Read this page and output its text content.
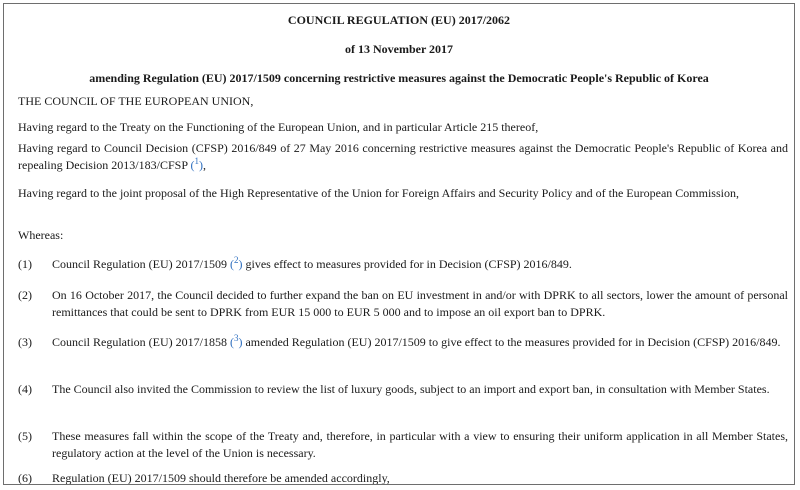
COUNCIL REGULATION (EU) 2017/2062
of 13 November 2017
amending Regulation (EU) 2017/1509 concerning restrictive measures against the Democratic People's Republic of Korea
THE COUNCIL OF THE EUROPEAN UNION,
Having regard to the Treaty on the Functioning of the European Union, and in particular Article 215 thereof,
Having regard to Council Decision (CFSP) 2016/849 of 27 May 2016 concerning restrictive measures against the Democratic People's Republic of Korea and repealing Decision 2013/183/CFSP ($^1$),
Having regard to the joint proposal of the High Representative of the Union for Foreign Affairs and Security Policy and of the European Commission,
Whereas:
(1)	Council Regulation (EU) 2017/1509 ($^2$) gives effect to measures provided for in Decision (CFSP) 2016/849.
(2)	On 16 October 2017, the Council decided to further expand the ban on EU investment in and/or with DPRK to all sectors, lower the amount of personal remittances that could be sent to DPRK from EUR 15 000 to EUR 5 000 and to impose an oil export ban to DPRK.
(3)	Council Regulation (EU) 2017/1858 ($^3$) amended Regulation (EU) 2017/1509 to give effect to the measures provided for in Decision (CFSP) 2016/849.
(4)	The Council also invited the Commission to review the list of luxury goods, subject to an import and export ban, in consultation with Member States.
(5)	These measures fall within the scope of the Treaty and, therefore, in particular with a view to ensuring their uniform application in all Member States, regulatory action at the level of the Union is necessary.
(6)	Regulation (EU) 2017/1509 should therefore be amended accordingly,
